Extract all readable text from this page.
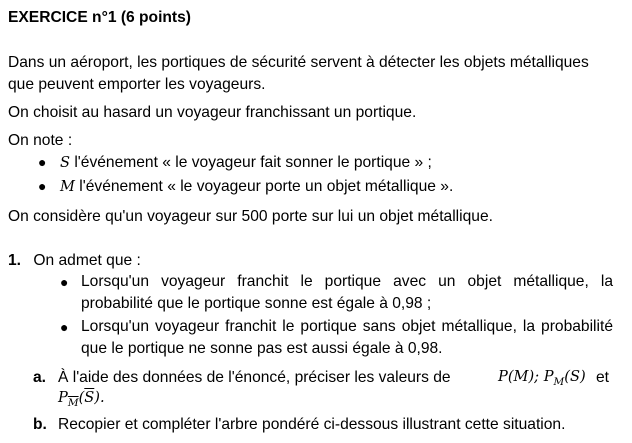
EXERCICE n°1 (6 points)
Dans un aéroport, les portiques de sécurité servent à détecter les objets métalliques
que peuvent emporter les voyageurs.
On choisit au hasard un voyageur franchissant un portique.
On note :
● S l'événement « le voyageur fait sonner le portique » ;
● M l'événement « le voyageur porte un objet métallique ».
On considère qu'un voyageur sur 500 porte sur lui un objet métallique.
1. On admet que :
● Lorsqu'un voyageur franchit le portique avec un objet métallique, la
probabilité que le portique sonne est égale à 0,98 ;
● Lorsqu'un voyageur franchit le portique sans objet métallique, la probabilité
que le portique ne sonne pas est aussi égale à 0,98.
a. À l'aide des données de l'énoncé, préciser les valeurs de	P(M); $P_M(S)$ et
$P_{\overline{M}}(\overline{S})$.
b. Recopier et compléter l'arbre pondéré ci-dessous illustrant cette situation.
